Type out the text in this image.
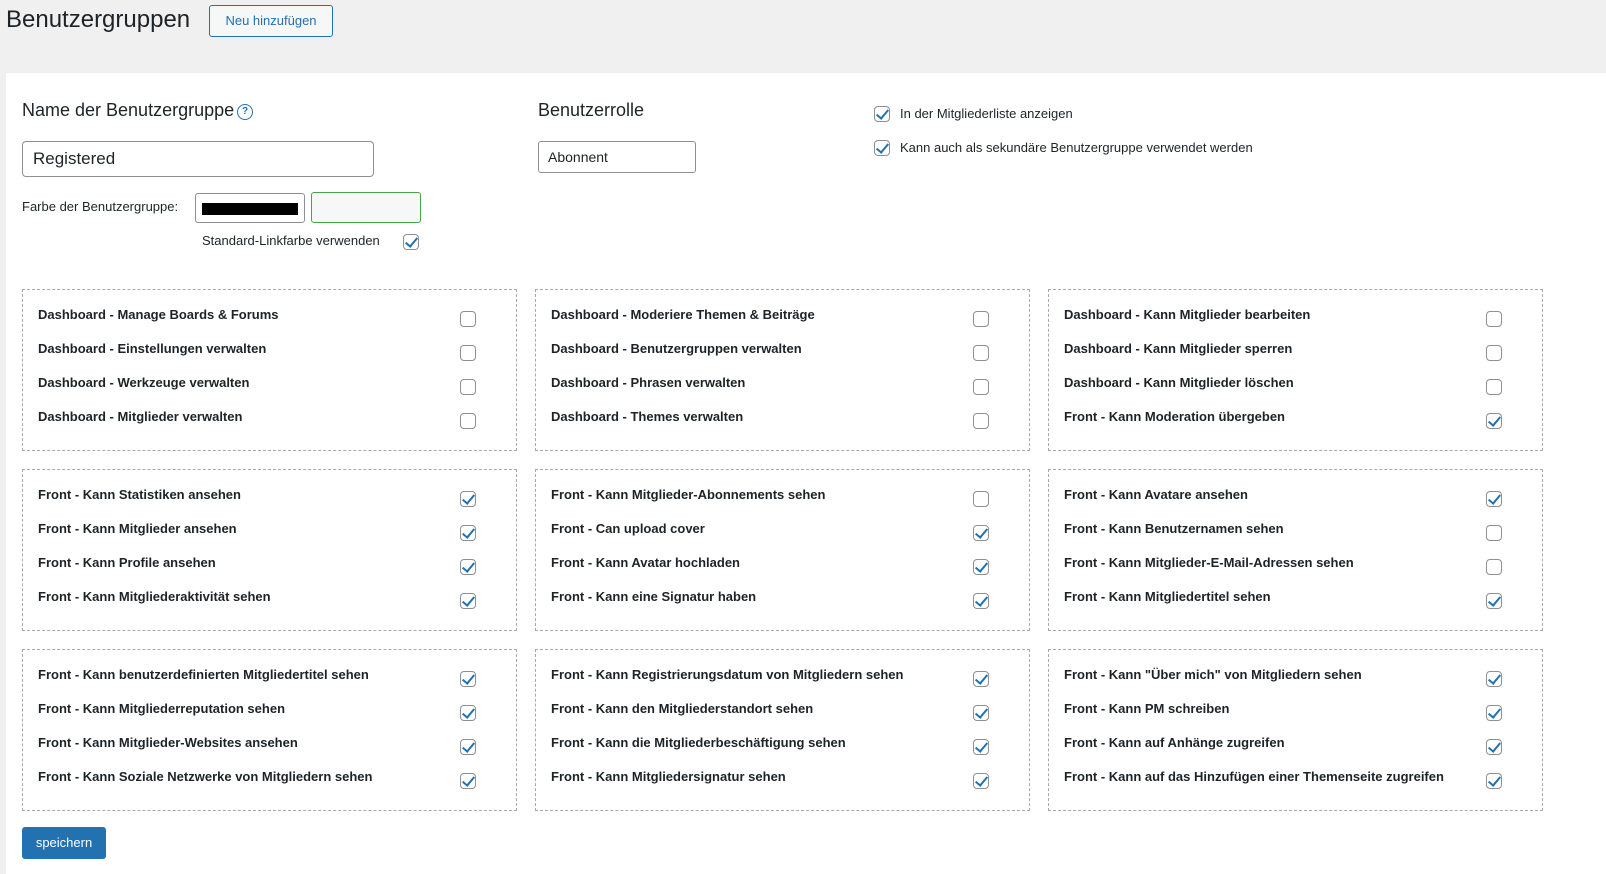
Benutzergruppen	Neu hinzufügen
Name der Benutzergruppe ?
Registered
Benutzerrolle
Abonnent
In der Mitgliederliste anzeigen
Kann auch als sekundäre Benutzergruppe verwendet werden
Farbe der Benutzergruppe:
Standard-Linkfarbe verwenden
Dashboard - Manage Boards & Forums
Dashboard - Einstellungen verwalten
Dashboard - Werkzeuge verwalten
Dashboard - Mitglieder verwalten
Dashboard - Moderiere Themen & Beiträge
Dashboard - Benutzergruppen verwalten
Dashboard - Phrasen verwalten
Dashboard - Themes verwalten
Dashboard - Kann Mitglieder bearbeiten
Dashboard - Kann Mitglieder sperren
Dashboard - Kann Mitglieder löschen
Front - Kann Moderation übergeben
Front - Kann Statistiken ansehen
Front - Kann Mitglieder ansehen
Front - Kann Profile ansehen
Front - Kann Mitgliederaktivität sehen
Front - Kann Mitglieder-Abonnements sehen
Front - Can upload cover
Front - Kann Avatar hochladen
Front - Kann eine Signatur haben
Front - Kann Avatare ansehen
Front - Kann Benutzernamen sehen
Front - Kann Mitglieder-E-Mail-Adressen sehen
Front - Kann Mitgliedertitel sehen
Front - Kann benutzerdefinierten Mitgliedertitel sehen
Front - Kann Mitgliederreputation sehen
Front - Kann Mitglieder-Websites ansehen
Front - Kann Soziale Netzwerke von Mitgliedern sehen
Front - Kann Registrierungsdatum von Mitgliedern sehen
Front - Kann den Mitgliederstandort sehen
Front - Kann die Mitgliederbeschäftigung sehen
Front - Kann Mitgliedersignatur sehen
Front - Kann "Über mich" von Mitgliedern sehen
Front - Kann PM schreiben
Front - Kann auf Anhänge zugreifen
Front - Kann auf das Hinzufügen einer Themenseite zugreifen
speichern
